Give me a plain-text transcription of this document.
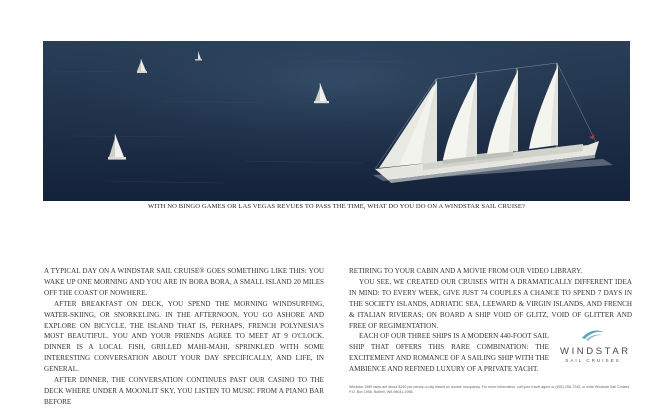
WITH NO BINGO GAMES OR LAS VEGAS REVUES TO PASS THE TIME, WHAT DO YOU DO ON A WINDSTAR SAIL CRUISE?

A TYPICAL DAY ON A WINDSTAR SAIL CRUISE® GOES SOMETHING LIKE THIS: YOU WAKE UP ONE MORNING AND YOU ARE IN BORA BORA, A SMALL ISLAND 20 MILES OFF THE COAST OF NOWHERE.

AFTER BREAKFAST ON DECK, YOU SPEND THE MORNING WINDSURFING, WATER-SKIING, OR SNORKELING. IN THE AFTERNOON, YOU GO ASHORE AND EXPLORE ON BICYCLE, THE ISLAND THAT IS, PERHAPS, FRENCH POLYNESIA'S MOST BEAUTIFUL. YOU AND YOUR FRIENDS AGREE TO MEET AT 9 O'CLOCK. DINNER IS A LOCAL FISH, GRILLED MAHI-MAHI, SPRINKLED WITH SOME INTERESTING CONVERSATION ABOUT YOUR DAY SPECIFICALLY, AND LIFE, IN GENERAL.

AFTER DINNER, THE CONVERSATION CONTINUES PAST OUR CASINO TO THE DECK WHERE UNDER A MOONLIT SKY, YOU LISTEN TO MUSIC FROM A PIANO BAR BEFORE

RETIRING TO YOUR CABIN AND A MOVIE FROM OUR VIDEO LIBRARY.

YOU SEE, WE CREATED OUR CRUISES WITH A DRAMATICALLY DIFFERENT IDEA IN MIND: TO EVERY WEEK, GIVE JUST 74 COUPLES A CHANCE TO SPEND 7 DAYS IN THE SOCIETY ISLANDS, ADRIATIC SEA, LEEWARD & VIRGIN ISLANDS, AND FRENCH & ITALIAN RIVIERAS; ON BOARD A SHIP VOID OF GLITZ, VOID OF GLITTER AND FREE OF REGIMENTATION.

EACH OF OUR THREE SHIPS IS A MODERN 440-FOOT SAIL SHIP THAT OFFERS THIS RARE COMBINATION: THE EXCITEMENT AND ROMANCE OF A SAILING SHIP WITH THE AMBIENCE AND REFINED LUXURY OF A PRIVATE YACHT.

WINDSTAR
SAIL CRUISES
Windstar 1989 rates are about $160 per person a day based on double occupancy. For more information, call your travel agent or (800) 258-7245, or write Windstar Sail Cruises, P.O. Box 1956, Bothell, WA 98041-1956.
